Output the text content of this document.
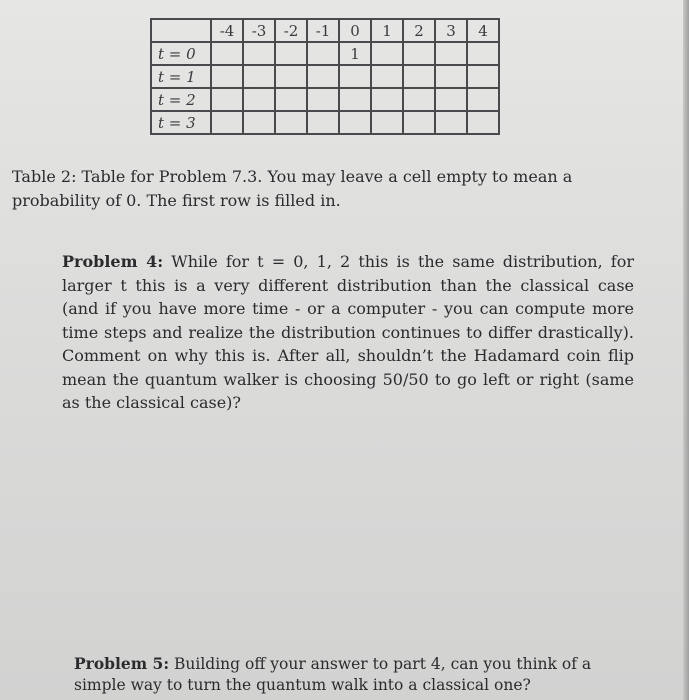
	-4	-3	-2	-1	0	1	2	3	4
t = 0					1				
t = 1									
t = 2									
t = 3									
Table 2: Table for Problem 7.3. You may leave a cell empty to mean a probability of 0. The first row is filled in.
Problem 4: While for t = 0, 1, 2 this is the same distribution, for larger t this is a very different distribution than the classical case (and if you have more time - or a computer - you can compute more time steps and realize the distribution continues to differ drastically). Comment on why this is. After all, shouldn’t the Hadamard coin flip mean the quantum walker is choosing 50/50 to go left or right (same as the classical case)?
Problem 5: Building off your answer to part 4, can you think of a simple way to turn the quantum walk into a classical one?
